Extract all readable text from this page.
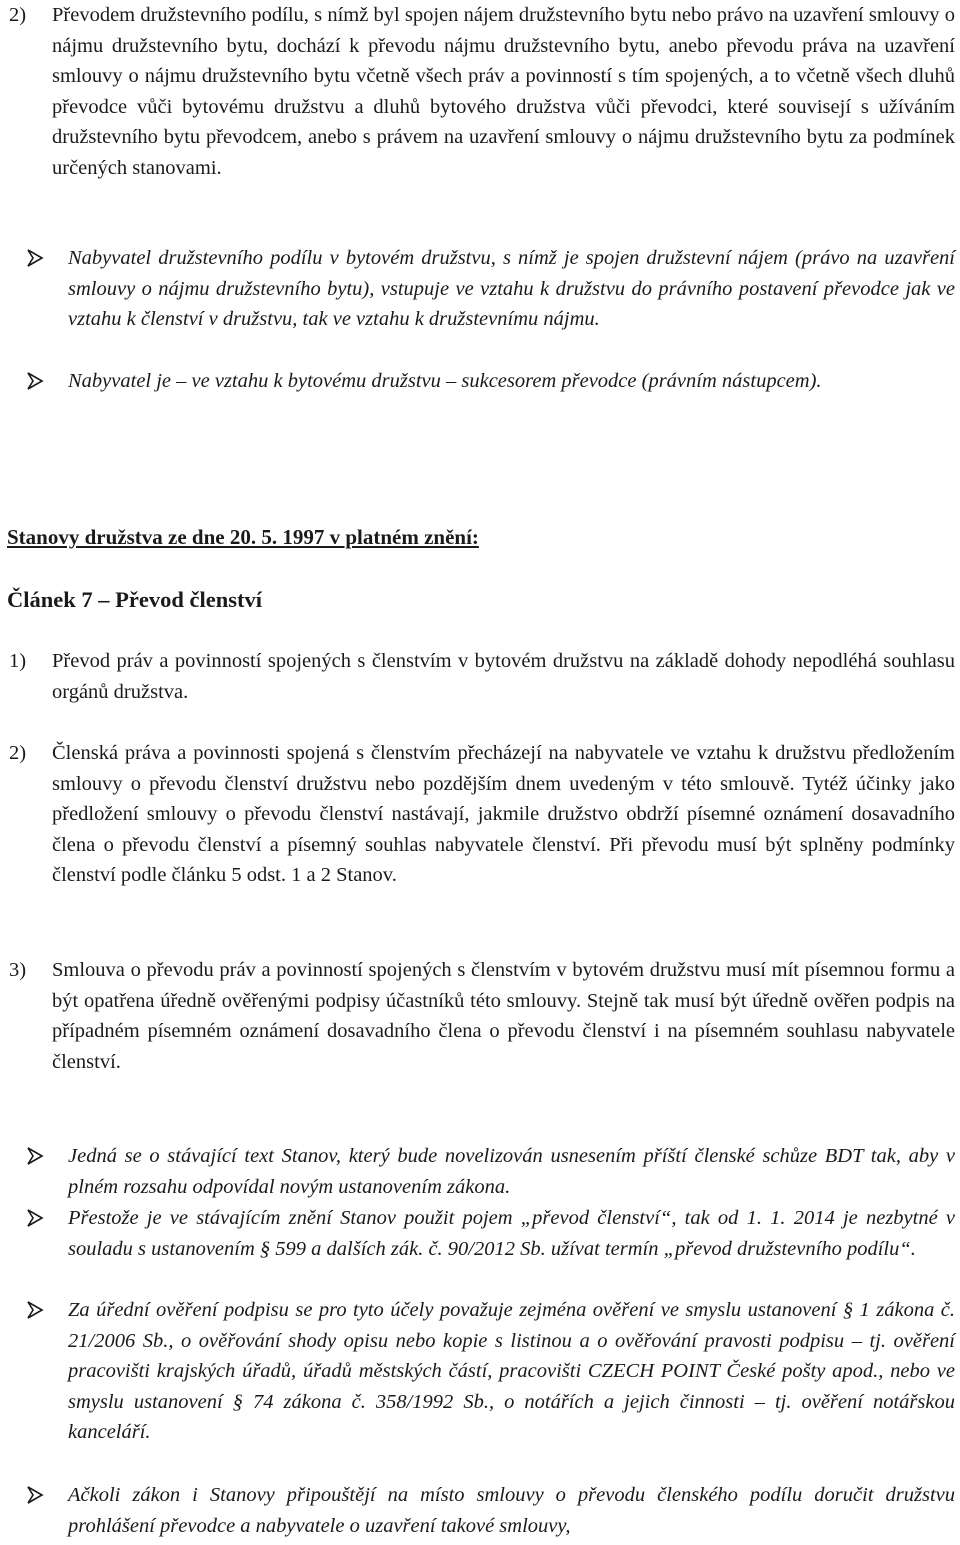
2) Převodem družstevního podílu, s nímž byl spojen nájem družstevního bytu nebo právo na uzavření smlouvy o nájmu družstevního bytu, dochází k převodu nájmu družstevního bytu, anebo převodu práva na uzavření smlouvy o nájmu družstevního bytu včetně všech práv a povinností s tím spojených, a to včetně všech dluhů převodce vůči bytovému družstvu a dluhů bytového družstva vůči převodci, které souvisejí s užíváním družstevního bytu převodcem, anebo s právem na uzavření smlouvy o nájmu družstevního bytu za podmínek určených stanovami.
Nabyvatel družstevního podílu v bytovém družstvu, s nímž je spojen družstevní nájem (právo na uzavření smlouvy o nájmu družstevního bytu), vstupuje ve vztahu k družstvu do právního postavení převodce jak ve vztahu k členství v družstvu, tak ve vztahu k družstevnímu nájmu.
Nabyvatel je – ve vztahu k bytovému družstvu – sukcesorem převodce (právním nástupcem).
Stanovy družstva ze dne 20. 5. 1997 v platném znění:
Článek 7 – Převod členství
1) Převod práv a povinností spojených s členstvím v bytovém družstvu na základě dohody nepodléhá souhlasu orgánů družstva.
2) Členská práva a povinnosti spojená s členstvím přecházejí na nabyvatele ve vztahu k družstvu předložením smlouvy o převodu členství družstvu nebo pozdějším dnem uvedeným v této smlouvě. Tytéž účinky jako předložení smlouvy o převodu členství nastávají, jakmile družstvo obdrží písemné oznámení dosavadního člena o převodu členství a písemný souhlas nabyvatele členství. Při převodu musí být splněny podmínky členství podle článku 5 odst. 1 a 2 Stanov.
3) Smlouva o převodu práv a povinností spojených s členstvím v bytovém družstvu musí mít písemnou formu a být opatřena úředně ověřenými podpisy účastníků této smlouvy. Stejně tak musí být úředně ověřen podpis na případném písemném oznámení dosavadního člena o převodu členství i na písemném souhlasu nabyvatele členství.
Jedná se o stávající text Stanov, který bude novelizován usnesením příští členské schůze BDT tak, aby v plném rozsahu odpovídal novým ustanovením zákona.
Přestože je ve stávajícím znění Stanov použit pojem „převod členství“, tak od 1. 1. 2014 je nezbytné v souladu s ustanovením § 599 a dalších zák. č. 90/2012 Sb. užívat termín „převod družstevního podílu“.
Za úřední ověření podpisu se pro tyto účely považuje zejména ověření ve smyslu ustanovení § 1 zákona č. 21/2006 Sb., o ověřování shody opisu nebo kopie s listinou a o ověřování pravosti podpisu – tj. ověření pracovišti krajských úřadů, úřadů městských částí, pracovišti CZECH POINT České pošty apod., nebo ve smyslu ustanovení § 74 zákona č. 358/1992 Sb., o notářích a jejich činnosti – tj. ověření notářskou kanceláří.
Ačkoli zákon i Stanovy připouštějí na místo smlouvy o převodu členského podílu doručit družstvu prohlášení převodce a nabyvatele o uzavření takové smlouvy,
